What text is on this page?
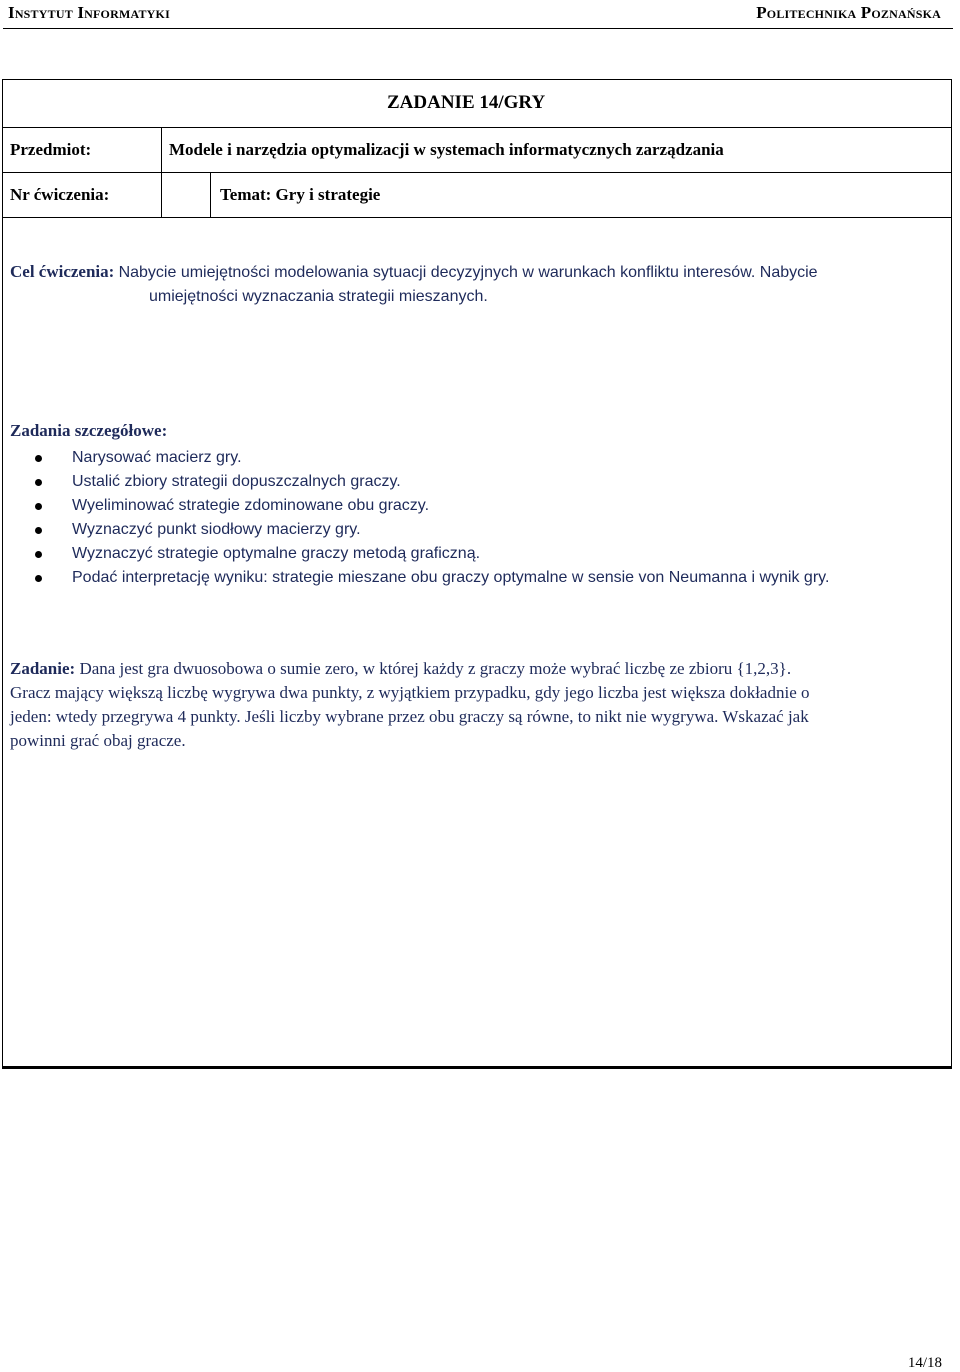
Instytut Informatyki	Politechnika Poznańska
ZADANIE 14/GRY
Przedmiot:	Modele i narzędzia optymalizacji w systemach informatycznych zarządzania
Nr ćwiczenia:	Temat: Gry i strategie
Cel ćwiczenia: Nabycie umiejętności modelowania sytuacji decyzyjnych w warunkach konfliktu interesów. Nabycie
umiejętności wyznaczania strategii mieszanych.
Zadania szczegółowe:
Narysować macierz gry.
Ustalić zbiory strategii dopuszczalnych graczy.
Wyeliminować strategie zdominowane obu graczy.
Wyznaczyć punkt siodłowy macierzy gry.
Wyznaczyć strategie optymalne graczy metodą graficzną.
Podać interpretację wyniku: strategie mieszane obu graczy optymalne w sensie von Neumanna i wynik gry.
Zadanie: Dana jest gra dwuosobowa o sumie zero, w której każdy z graczy może wybrać liczbę ze zbioru {1,2,3}.
Gracz mający większą liczbę wygrywa dwa punkty, z wyjątkiem przypadku, gdy jego liczba jest większa dokładnie o
jeden: wtedy przegrywa 4 punkty. Jeśli liczby wybrane przez obu graczy są równe, to nikt nie wygrywa. Wskazać jak
powinni grać obaj gracze.
14/18
